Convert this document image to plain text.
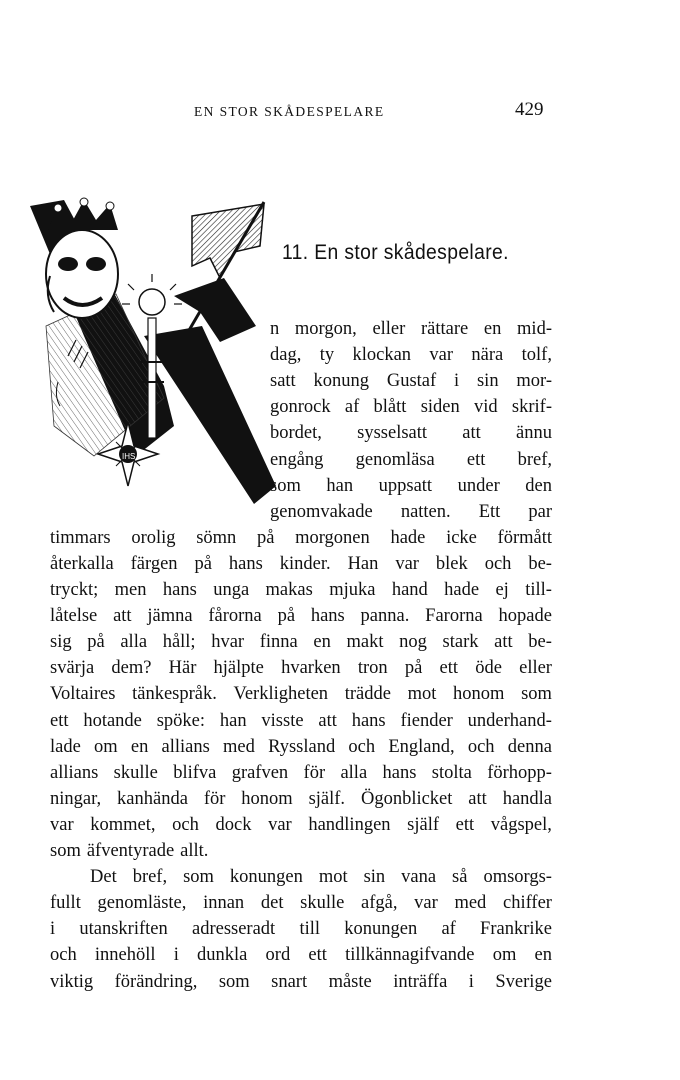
EN STOR SKÅDESPELARE	429
IHS
11. En stor skådespelare.
n morgon, eller rättare en mid-
dag, ty klockan var nära tolf,
satt konung Gustaf i sin mor-
gonrock af blått siden vid skrif-
bordet, sysselsatt att ännu
engång genomläsa ett bref,
som han uppsatt under den
genomvakade natten. Ett par
timmars orolig sömn på morgonen hade icke förmått
återkalla färgen på hans kinder. Han var blek och be-
tryckt; men hans unga makas mjuka hand hade ej till-
låtelse att jämna fårorna på hans panna. Farorna hopade
sig på alla håll; hvar finna en makt nog stark att be-
svärja dem? Här hjälpte hvarken tron på ett öde eller
Voltaires tänkespråk. Verkligheten trädde mot honom som
ett hotande spöke: han visste att hans fiender underhand-
lade om en allians med Ryssland och England, och denna
allians skulle blifva grafven för alla hans stolta förhopp-
ningar, kanhända för honom själf. Ögonblicket att handla
var kommet, och dock var handlingen själf ett vågspel,
som äfventyrade allt.
Det bref, som konungen mot sin vana så omsorgs-
fullt genomläste, innan det skulle afgå, var med chiffer
i utanskriften adresseradt till konungen af Frankrike
och innehöll i dunkla ord ett tillkännagifvande om en
viktig förändring, som snart måste inträffa i Sverige
